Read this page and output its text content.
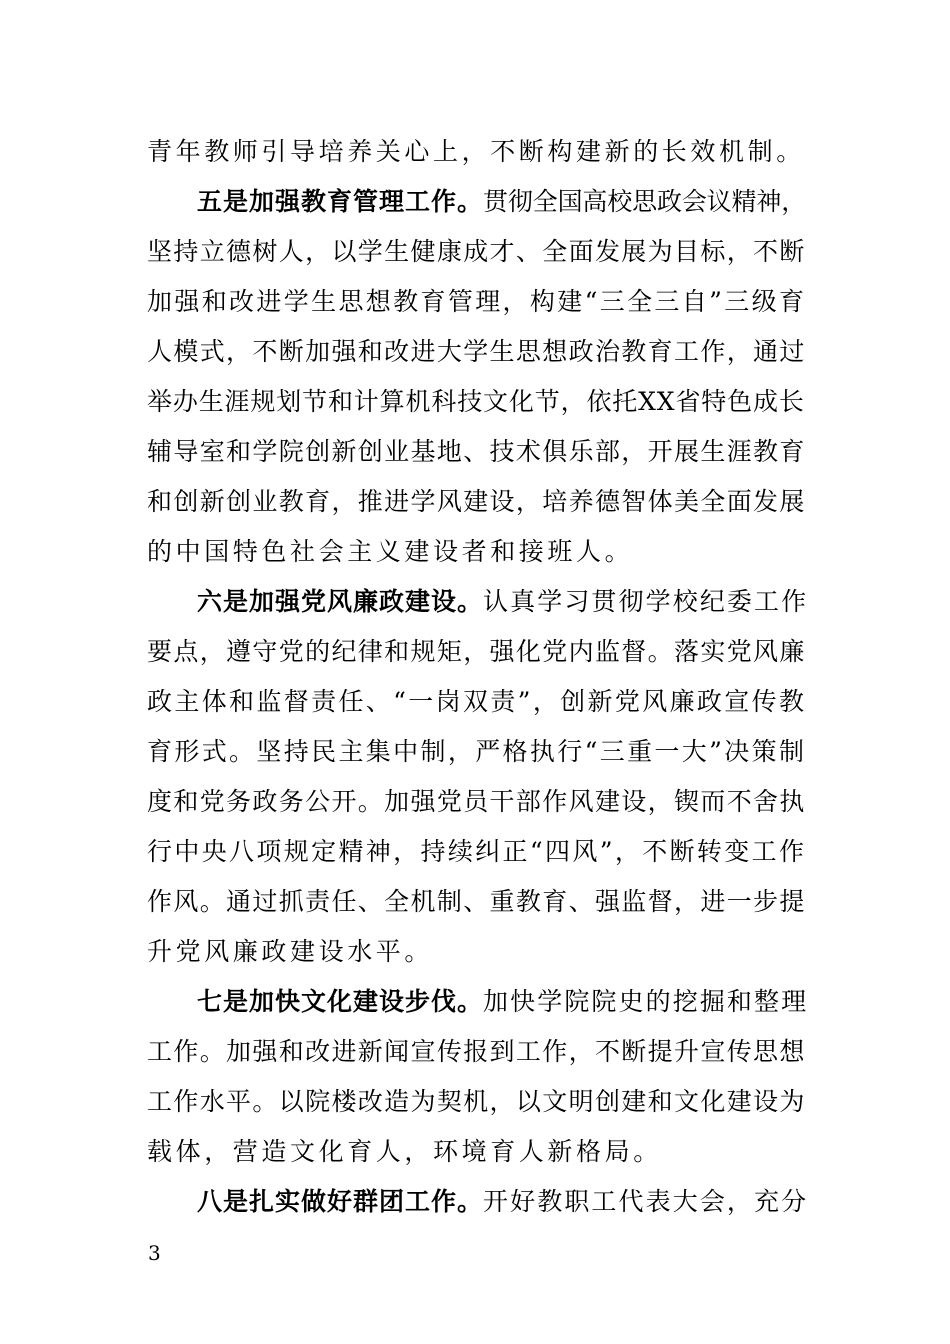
青年教师引导培养关心上，不断构建新的长效机制。
五是加强教育管理工作。贯彻全国高校思政会议精神，
坚持立德树人，以学生健康成才、全面发展为目标，不断
加强和改进学生思想教育管理，构建“三全三自”三级育
人模式，不断加强和改进大学生思想政治教育工作，通过
举办生涯规划节和计算机科技文化节，依托XX省特色成长
辅导室和学院创新创业基地、技术俱乐部，开展生涯教育
和创新创业教育，推进学风建设，培养德智体美全面发展
的中国特色社会主义建设者和接班人。
六是加强党风廉政建设。认真学习贯彻学校纪委工作
要点，遵守党的纪律和规矩，强化党内监督。落实党风廉
政主体和监督责任、“一岗双责”，创新党风廉政宣传教
育形式。坚持民主集中制，严格执行“三重一大”决策制
度和党务政务公开。加强党员干部作风建设，锲而不舍执
行中央八项规定精神，持续纠正“四风”，不断转变工作
作风。通过抓责任、全机制、重教育、强监督，进一步提
升党风廉政建设水平。
七是加快文化建设步伐。加快学院院史的挖掘和整理
工作。加强和改进新闻宣传报到工作，不断提升宣传思想
工作水平。以院楼改造为契机，以文明创建和文化建设为
载体，营造文化育人，环境育人新格局。
八是扎实做好群团工作。开好教职工代表大会，充分
3
